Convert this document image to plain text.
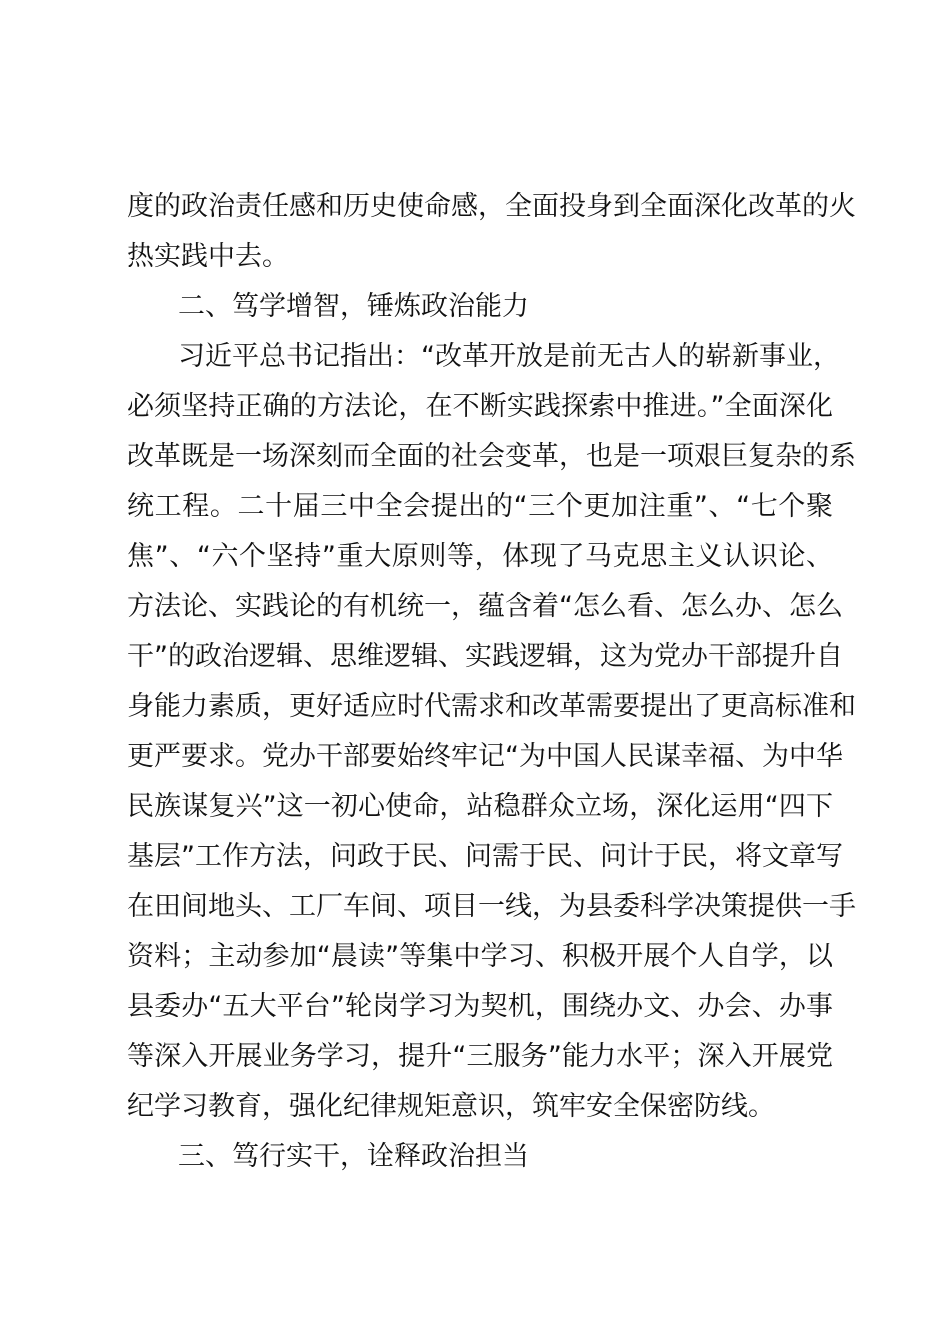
度的政治责任感和历史使命感，全面投身到全面深化改革的火
热实践中去。
二、笃学增智，锤炼政治能力
习近平总书记指出：“改革开放是前无古人的崭新事业，
必须坚持正确的方法论，在不断实践探索中推进。”全面深化
改革既是一场深刻而全面的社会变革，也是一项艰巨复杂的系
统工程。二十届三中全会提出的“三个更加注重”、“七个聚
焦”、“六个坚持”重大原则等，体现了马克思主义认识论、
方法论、实践论的有机统一，蕴含着“怎么看、怎么办、怎么
干”的政治逻辑、思维逻辑、实践逻辑，这为党办干部提升自
身能力素质，更好适应时代需求和改革需要提出了更高标准和
更严要求。党办干部要始终牢记“为中国人民谋幸福、为中华
民族谋复兴”这一初心使命，站稳群众立场，深化运用“四下
基层”工作方法，问政于民、问需于民、问计于民，将文章写
在田间地头、工厂车间、项目一线，为县委科学决策提供一手
资料；主动参加“晨读”等集中学习、积极开展个人自学，以
县委办“五大平台”轮岗学习为契机，围绕办文、办会、办事
等深入开展业务学习，提升“三服务”能力水平；深入开展党
纪学习教育，强化纪律规矩意识，筑牢安全保密防线。
三、笃行实干，诠释政治担当
